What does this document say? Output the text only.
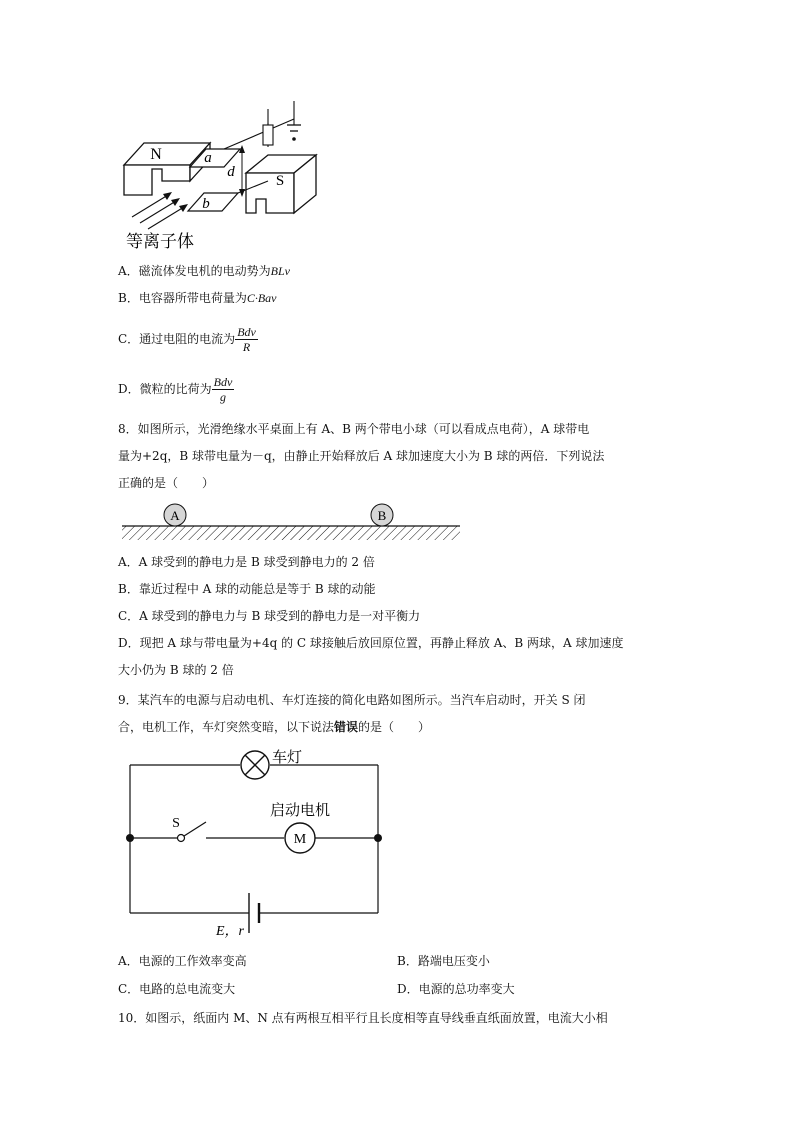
N
S
a
b
d
等离子体
A．磁流体发电机的电动势为BLv
B．电容器所带电荷量为C·Bav
C．通过电阻的电流为 $\frac{\text{Bdv}}{R}$
D．微粒的比荷为 $\frac{\text{Bdv}}{g}$
8．如图所示，光滑绝缘水平桌面上有 A、B 两个带电小球（可以看成点电荷），A 球带电
量为+2q，B 球带电量为－q，由静止开始释放后 A 球加速度大小为 B 球的两倍．下列说法
正确的是（　　）
A	B
A．A 球受到的静电力是 B 球受到静电力的 2 倍
B．靠近过程中 A 球的动能总是等于 B 球的动能
C．A 球受到的静电力与 B 球受到的静电力是一对平衡力
D．现把 A 球与带电量为+4q 的 C 球接触后放回原位置，再静止释放 A、B 两球，A 球加速度
大小仍为 B 球的 2 倍
9．某汽车的电源与启动电机、车灯连接的简化电路如图所示。当汽车启动时，开关 S 闭
合，电机工作，车灯突然变暗，以下说法错误的是（　　）
车灯
S
M
启动电机
E，r
A．电源的工作效率变高	B．路端电压变小
C．电路的总电流变大	D．电源的总功率变大
10．如图示，纸面内 M、N 点有两根互相平行且长度相等直导线垂直纸面放置，电流大小相
